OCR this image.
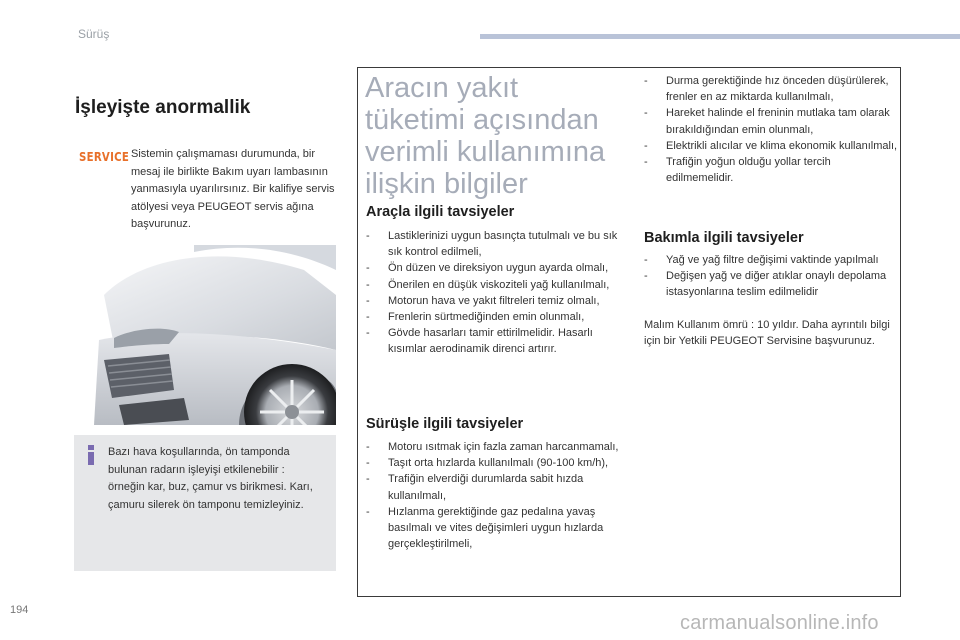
Sürüş
İşleyişte anormallik
SERVICE Sistemin çalışmaması durumunda, bir mesaj ile birlikte Bakım uyarı lambasının yanmasıyla uyarılırsınız. Bir kalifiye servis atölyesi veya PEUGEOT servis ağına başvurunuz.
Bazı hava koşullarında, ön tamponda bulunan radarın işleyişi etkilenebilir : örneğin kar, buz, çamur vs birikmesi. Karı, çamuru silerek ön tamponu temizleyiniz.
Aracın yakıt tüketimi açısından verimli kullanımına ilişkin bilgiler
Araçla ilgili tavsiyeler
- Lastiklerinizi uygun basınçta tutulmalı ve bu sık sık kontrol edilmeli,
- Ön düzen ve direksiyon uygun ayarda olmalı,
- Önerilen en düşük viskoziteli yağ kullanılmalı,
- Motorun hava ve yakıt filtreleri temiz olmalı,
- Frenlerin sürtmediğinden emin olunmalı,
- Gövde hasarları tamir ettirilmelidir. Hasarlı kısımlar aerodinamik direnci artırır.
Sürüşle ilgili tavsiyeler
- Motoru ısıtmak için fazla zaman harcanmamalı,
- Taşıt orta hızlarda kullanılmalı (90-100 km/h),
- Trafiğin elverdiği durumlarda sabit hızda kullanılmalı,
- Hızlanma gerektiğinde gaz pedalına yavaş basılmalı ve vites değişimleri uygun hızlarda gerçekleştirilmeli,
- Durma gerektiğinde hız önceden düşürülerek, frenler en az miktarda kullanılmalı,
- Hareket halinde el freninin mutlaka tam olarak bırakıldığından emin olunmalı,
- Elektrikli alıcılar ve klima ekonomik kullanılmalı,
- Trafiğin yoğun olduğu yollar tercih edilmemelidir.
Bakımla ilgili tavsiyeler
- Yağ ve yağ filtre değişimi vaktinde yapılmalı
- Değişen yağ ve diğer atıklar onaylı depolama istasyonlarına teslim edilmelidir
Malım Kullanım ömrü : 10 yıldır. Daha ayrıntılı bilgi için bir Yetkili PEUGEOT Servisine başvurunuz.
194
carmanualsonline.info
